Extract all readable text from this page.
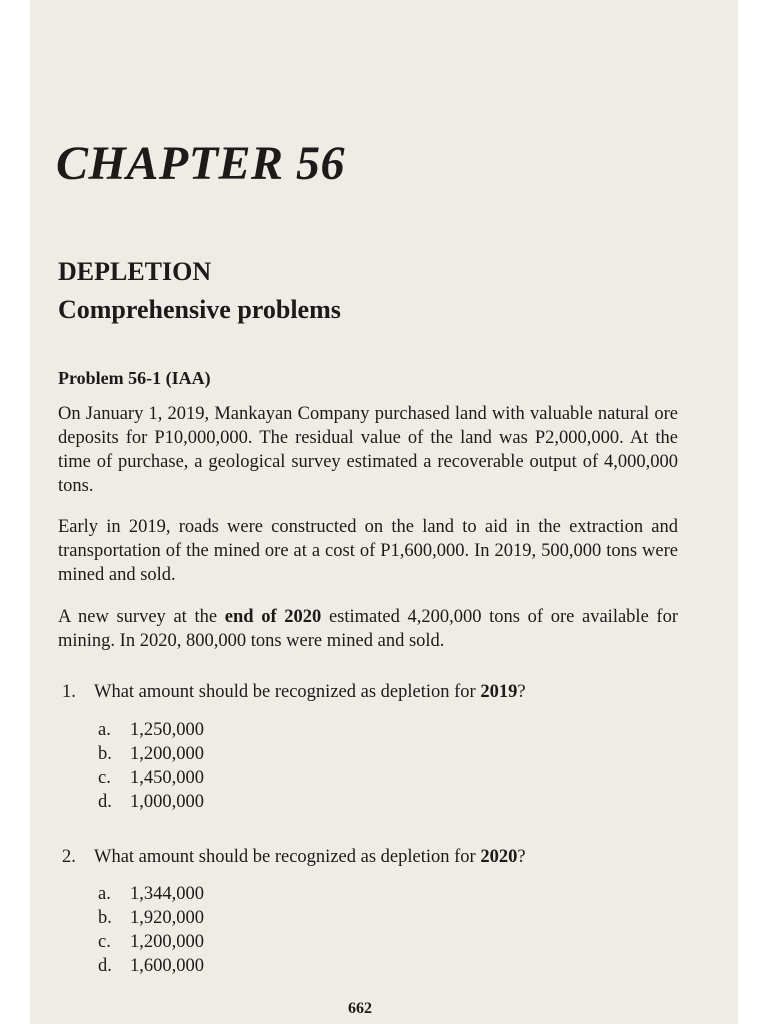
CHAPTER 56
DEPLETION
Comprehensive problems
Problem 56-1 (IAA)

On January 1, 2019, Mankayan Company purchased land with valuable natural ore deposits for P10,000,000. The residual value of the land was P2,000,000. At the time of purchase, a geological survey estimated a recoverable output of 4,000,000 tons.

Early in 2019, roads were constructed on the land to aid in the extraction and transportation of the mined ore at a cost of P1,600,000. In 2019, 500,000 tons were mined and sold.

A new survey at the end of 2020 estimated 4,200,000 tons of ore available for mining. In 2020, 800,000 tons were mined and sold.

1. What amount should be recognized as depletion for 2019?
a. 1,250,000
b. 1,200,000
c. 1,450,000
d. 1,000,000
2. What amount should be recognized as depletion for 2020?
a. 1,344,000
b. 1,920,000
c. 1,200,000
d. 1,600,000
662
